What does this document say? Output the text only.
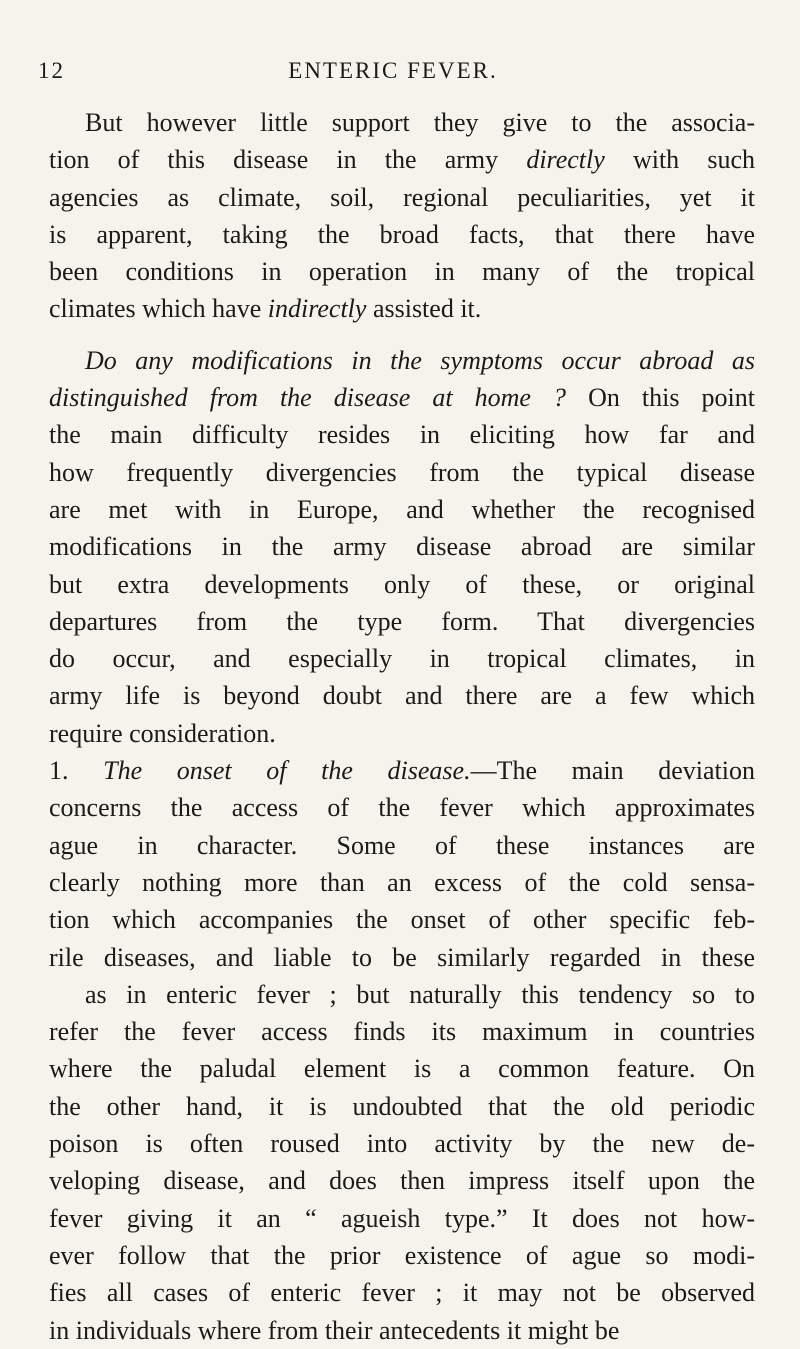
12	ENTERIC FEVER.
But however little support they give to the associa-
tion of this disease in the army directly with such
agencies as climate, soil, regional peculiarities, yet it
is apparent, taking the broad facts, that there have
been conditions in operation in many of the tropical
climates which have indirectly assisted it.
Do any modifications in the symptoms occur abroad as
distinguished from the disease at home ? On this point
the main difficulty resides in eliciting how far and
how frequently divergencies from the typical disease
are met with in Europe, and whether the recognised
modifications in the army disease abroad are similar
but extra developments only of these, or original
departures from the type form. That divergencies
do occur, and especially in tropical climates, in
army life is beyond doubt and there are a few which
require consideration.
1. The onset of the disease.—The main deviation
concerns the access of the fever which approximates
ague in character. Some of these instances are
clearly nothing more than an excess of the cold sensa-
tion which accompanies the onset of other specific feb-
rile diseases, and liable to be similarly regarded in these
as in enteric fever ; but naturally this tendency so to
refer the fever access finds its maximum in countries
where the paludal element is a common feature. On
the other hand, it is undoubted that the old periodic
poison is often roused into activity by the new de-
veloping disease, and does then impress itself upon the
fever giving it an “ agueish type.” It does not how-
ever follow that the prior existence of ague so modi-
fies all cases of enteric fever ; it may not be observed
in individuals where from their antecedents it might be
